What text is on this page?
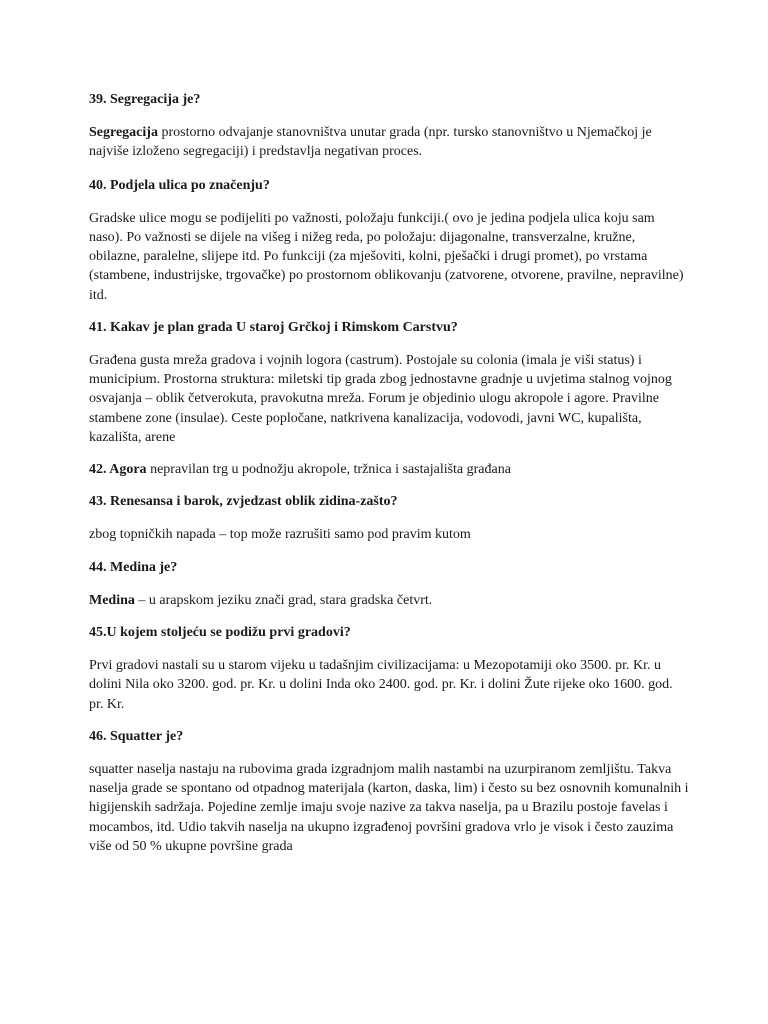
39. Segregacija je?

Segregacija prostorno odvajanje stanovništva unutar grada (npr. tursko stanovništvo u Njemačkoj je najviše izloženo segregaciji) i predstavlja negativan proces.

40. Podjela ulica po značenju?

Gradske ulice mogu se podijeliti po važnosti, položaju funkciji.( ovo je jedina podjela ulica koju sam naso). Po važnosti se dijele na višeg i nižeg reda, po položaju: dijagonalne, transverzalne, kružne, obilazne, paralelne, slijepe itd. Po funkciji (za mješoviti, kolni, pješački i drugi promet), po vrstama (stambene, industrijske, trgovačke) po prostornom oblikovanju (zatvorene, otvorene, pravilne, nepravilne) itd.

41. Kakav je plan grada U staroj Grčkoj i Rimskom Carstvu?

Građena gusta mreža gradova i vojnih logora (castrum). Postojale su colonia (imala je viši status) i municipium. Prostorna struktura: miletski tip grada zbog jednostavne gradnje u uvjetima stalnog vojnog osvajanja – oblik četverokuta, pravokutna mreža. Forum je objedinio ulogu akropole i agore. Pravilne stambene zone (insulae). Ceste popločane, natkrivena kanalizacija, vodovodi, javni WC, kupališta, kazališta, arene

42. Agora nepravilan trg u podnožju akropole, tržnica i sastajališta građana

43. Renesansa i barok, zvjedzast oblik zidina-zašto?

zbog topničkih napada – top može razrušiti samo pod pravim kutom

44. Medina je?

Medina – u arapskom jeziku znači grad, stara gradska četvrt.

45.U kojem stoljeću se podižu prvi gradovi?

Prvi gradovi nastali su u starom vijeku u tadašnjim civilizacijama: u Mezopotamiji oko 3500. pr. Kr. u dolini Nila oko 3200. god. pr. Kr. u dolini Inda oko 2400. god. pr. Kr. i dolini Žute rijeke oko 1600. god. pr. Kr.

46. Squatter je?

squatter naselja nastaju na rubovima grada izgradnjom malih nastambi na uzurpiranom zemljištu. Takva naselja grade se spontano od otpadnog materijala (karton, daska, lim) i često su bez osnovnih komunalnih i higijenskih sadržaja. Pojedine zemlje imaju svoje nazive za takva naselja, pa u Brazilu postoje favelas i mocambos, itd. Udio takvih naselja na ukupno izgrađenoj površini gradova vrlo je visok i često zauzima više od 50 % ukupne površine grada
